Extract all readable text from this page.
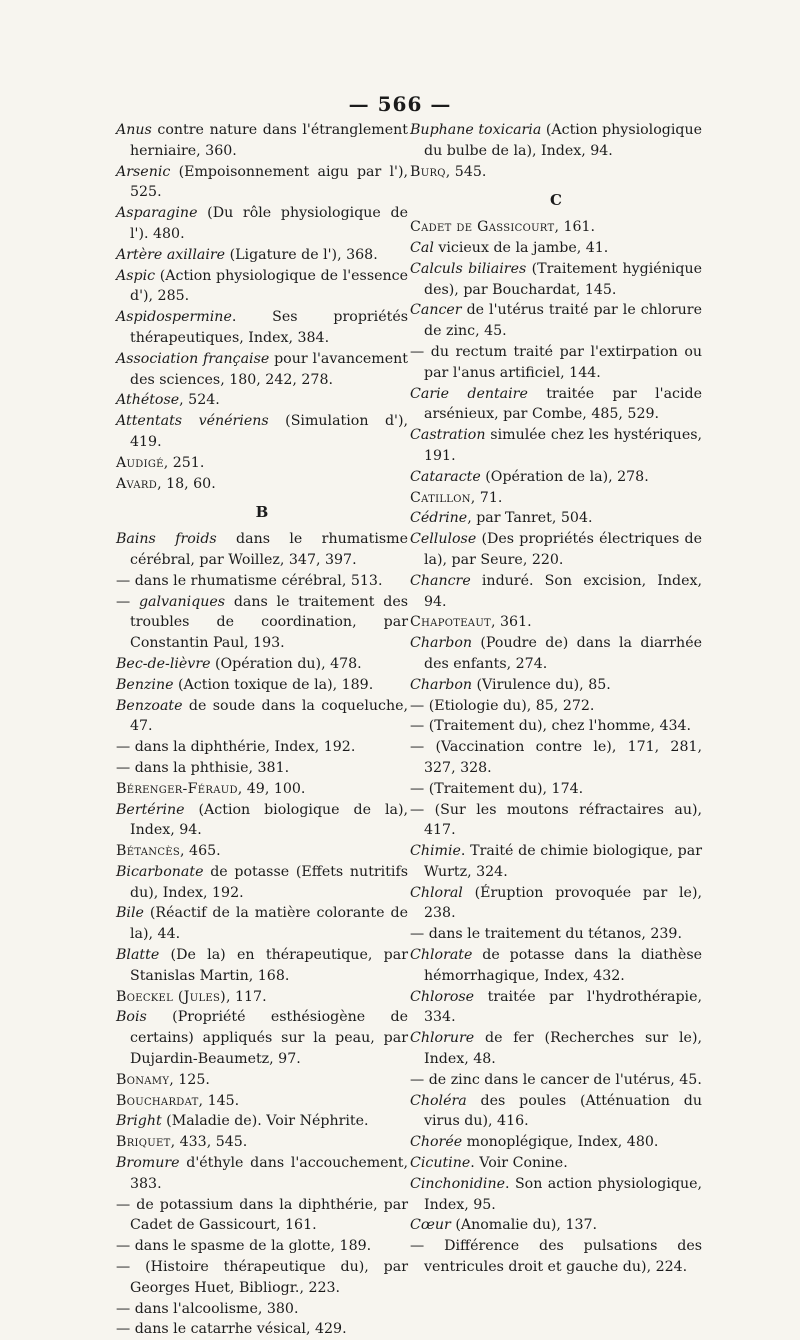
— 566 —

Anus contre nature dans l'étranglement herniaire, 360.

Arsenic (Empoisonnement aigu par l'), 525.

Asparagine (Du rôle physiologique de l'). 480.

Artère axillaire (Ligature de l'), 368.

Aspic (Action physiologique de l'essence d'), 285.

Aspidospermine. Ses propriétés thérapeutiques, Index, 384.

Association française pour l'avancement des sciences, 180, 242, 278.

Athétose, 524.

Attentats vénériens (Simulation d'), 419.

Audigé, 251.

Avard, 18, 60.

B

Bains froids dans le rhumatisme cérébral, par Woillez, 347, 397.

— dans le rhumatisme cérébral, 513.

— galvaniques dans le traitement des troubles de coordination, par Constantin Paul, 193.

Bec-de-lièvre (Opération du), 478.

Benzine (Action toxique de la), 189.

Benzoate de soude dans la coqueluche, 47.

— dans la diphthérie, Index, 192.

— dans la phthisie, 381.

Bérenger-Féraud, 49, 100.

Bertérine (Action biologique de la), Index, 94.

Bétancès, 465.

Bicarbonate de potasse (Effets nutritifs du), Index, 192.

Bile (Réactif de la matière colorante de la), 44.

Blatte (De la) en thérapeutique, par Stanislas Martin, 168.

Boeckel (Jules), 117.

Bois (Propriété esthésiogène de certains) appliqués sur la peau, par Dujardin-Beaumetz, 97.

Bonamy, 125.

Bouchardat, 145.

Bright (Maladie de). Voir Néphrite.

Briquet, 433, 545.

Bromure d'éthyle dans l'accouchement, 383.

— de potassium dans la diphthérie, par Cadet de Gassicourt, 161.

— dans le spasme de la glotte, 189.

— (Histoire thérapeutique du), par Georges Huet, Bibliogr., 223.

— dans l'alcoolisme, 380.

— dans le catarrhe vésical, 429.

Buphane toxicaria (Action physiologique du bulbe de la), Index, 94.

Burq, 545.

C

Cadet de Gassicourt, 161.

Cal vicieux de la jambe, 41.

Calculs biliaires (Traitement hygiénique des), par Bouchardat, 145.

Cancer de l'utérus traité par le chlorure de zinc, 45.

— du rectum traité par l'extirpation ou par l'anus artificiel, 144.

Carie dentaire traitée par l'acide arsénieux, par Combe, 485, 529.

Castration simulée chez les hystériques, 191.

Cataracte (Opération de la), 278.

Catillon, 71.

Cédrine, par Tanret, 504.

Cellulose (Des propriétés électriques de la), par Seure, 220.

Chancre induré. Son excision, Index, 94.

Chapoteaut, 361.

Charbon (Poudre de) dans la diarrhée des enfants, 274.

Charbon (Virulence du), 85.

— (Etiologie du), 85, 272.

— (Traitement du), chez l'homme, 434.

— (Vaccination contre le), 171, 281, 327, 328.

— (Traitement du), 174.

— (Sur les moutons réfractaires au), 417.

Chimie. Traité de chimie biologique, par Wurtz, 324.

Chloral (Éruption provoquée par le), 238.

— dans le traitement du tétanos, 239.

Chlorate de potasse dans la diathèse hémorrhagique, Index, 432.

Chlorose traitée par l'hydrothérapie, 334.

Chlorure de fer (Recherches sur le), Index, 48.

— de zinc dans le cancer de l'utérus, 45.

Choléra des poules (Atténuation du virus du), 416.

Chorée monoplégique, Index, 480.

Cicutine. Voir Conine.

Cinchonidine. Son action physiologique, Index, 95.

Cœur (Anomalie du), 137.

— Différence des pulsations des ventricules droit et gauche du), 224.
